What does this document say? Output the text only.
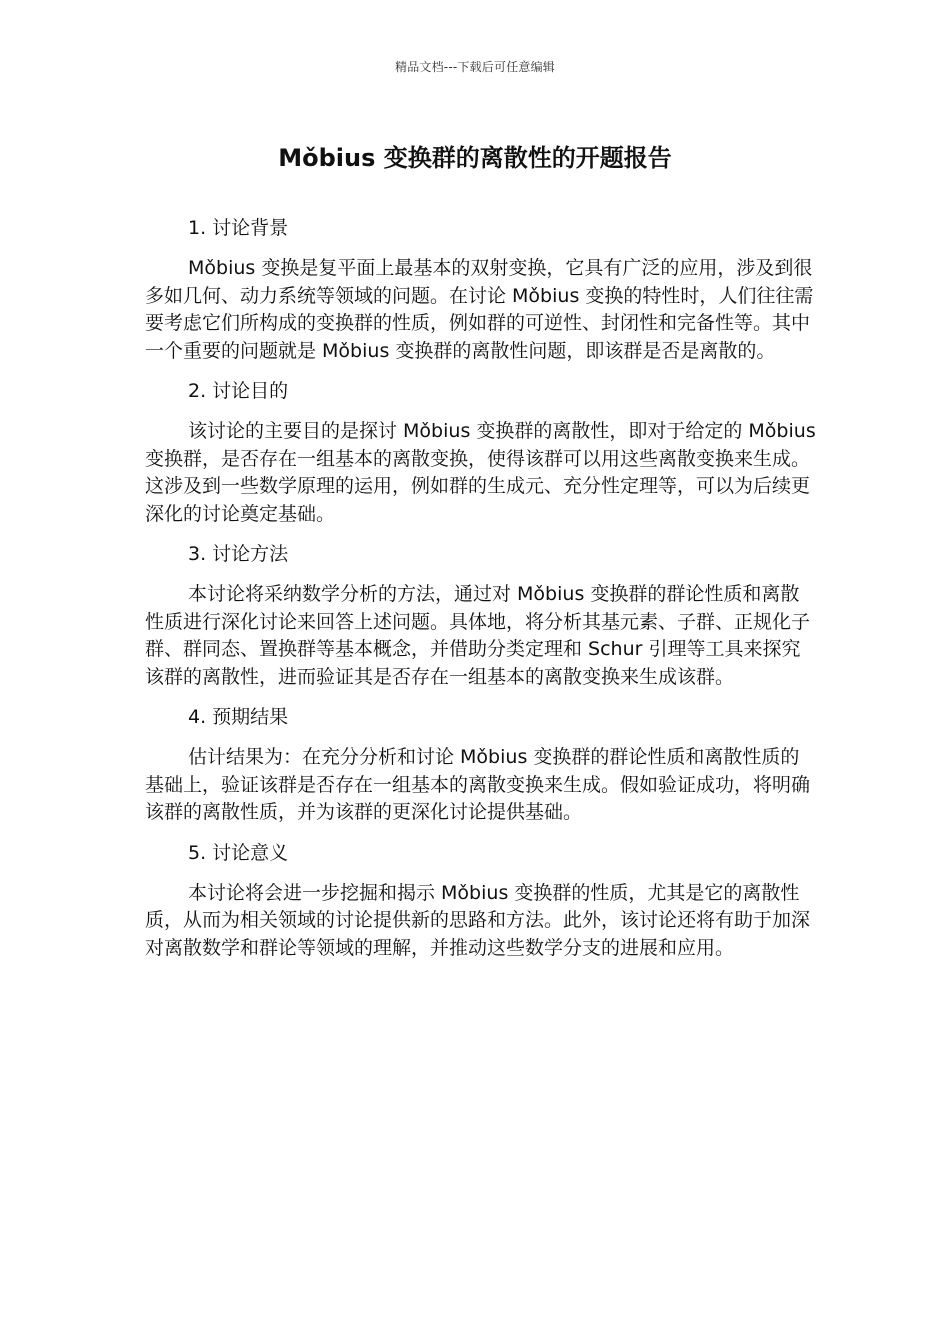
精品文档---下载后可任意编辑
Mǒbius 变换群的离散性的开题报告

1. 讨论背景

Mǒbius 变换是复平面上最基本的双射变换，它具有广泛的应用，涉及到很多如几何、动力系统等领域的问题。在讨论 Mǒbius 变换的特性时，人们往往需要考虑它们所构成的变换群的性质，例如群的可逆性、封闭性和完备性等。其中一个重要的问题就是 Mǒbius 变换群的离散性问题，即该群是否是离散的。

2. 讨论目的

该讨论的主要目的是探讨 Mǒbius 变换群的离散性，即对于给定的 Mǒbius 变换群，是否存在一组基本的离散变换，使得该群可以用这些离散变换来生成。这涉及到一些数学原理的运用，例如群的生成元、充分性定理等，可以为后续更深化的讨论奠定基础。

3. 讨论方法

本讨论将采纳数学分析的方法，通过对 Mǒbius 变换群的群论性质和离散性质进行深化讨论来回答上述问题。具体地，将分析其基元素、子群、正规化子群、群同态、置换群等基本概念，并借助分类定理和 Schur 引理等工具来探究该群的离散性，进而验证其是否存在一组基本的离散变换来生成该群。

4. 预期结果

估计结果为：在充分分析和讨论 Mǒbius 变换群的群论性质和离散性质的基础上，验证该群是否存在一组基本的离散变换来生成。假如验证成功，将明确该群的离散性质，并为该群的更深化讨论提供基础。

5. 讨论意义

本讨论将会进一步挖掘和揭示 Mǒbius 变换群的性质，尤其是它的离散性质，从而为相关领域的讨论提供新的思路和方法。此外，该讨论还将有助于加深对离散数学和群论等领域的理解，并推动这些数学分支的进展和应用。
